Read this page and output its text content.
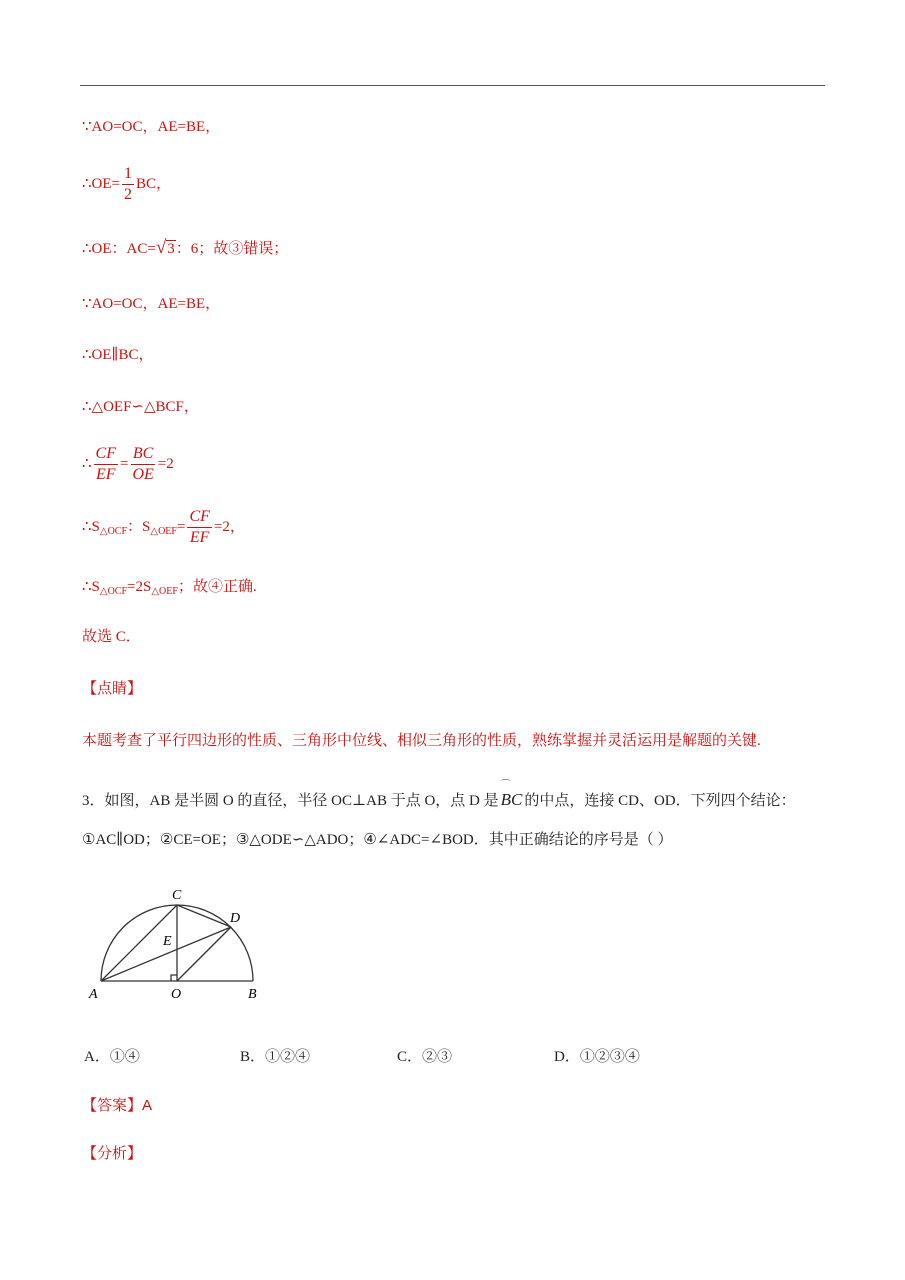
∵AO=OC，AE=BE，
∴OE= $\frac{1}{2}$ BC，
∴OE：AC=√3：6；故③错误；
∵AO=OC，AE=BE，
∴OE∥BC，
∴△OEF∽△BCF，
∴ $\frac{CF}{EF} = \frac{BC}{OE} =2$
$\therefore S_{\triangle OCF}$：$S_{\triangle OEF}= \frac{CF}{EF} =2$，
$\therefore S_{\triangle OCF}=2S_{\triangle OEF}$；故④正确.
故选 C．
【点睛】
本题考查了平行四边形的性质、三角形中位线、相似三角形的性质，熟练掌握并灵活运用是解题的关键.
3．如图，AB 是半圆 O 的直径，半径 OC⊥AB 于点 O，点 D 是
⌒
BC 的中点，连接 CD、OD．下列四个结论：
①AC∥OD；②CE=OE；③△ODE∽△ADO；④∠ADC=∠BOD．其中正确结论的序号是（ ）
A	O	B
C
D
E
A．①④	B．①②④	C．②③	D．①②③④
【答案】A
【分析】
